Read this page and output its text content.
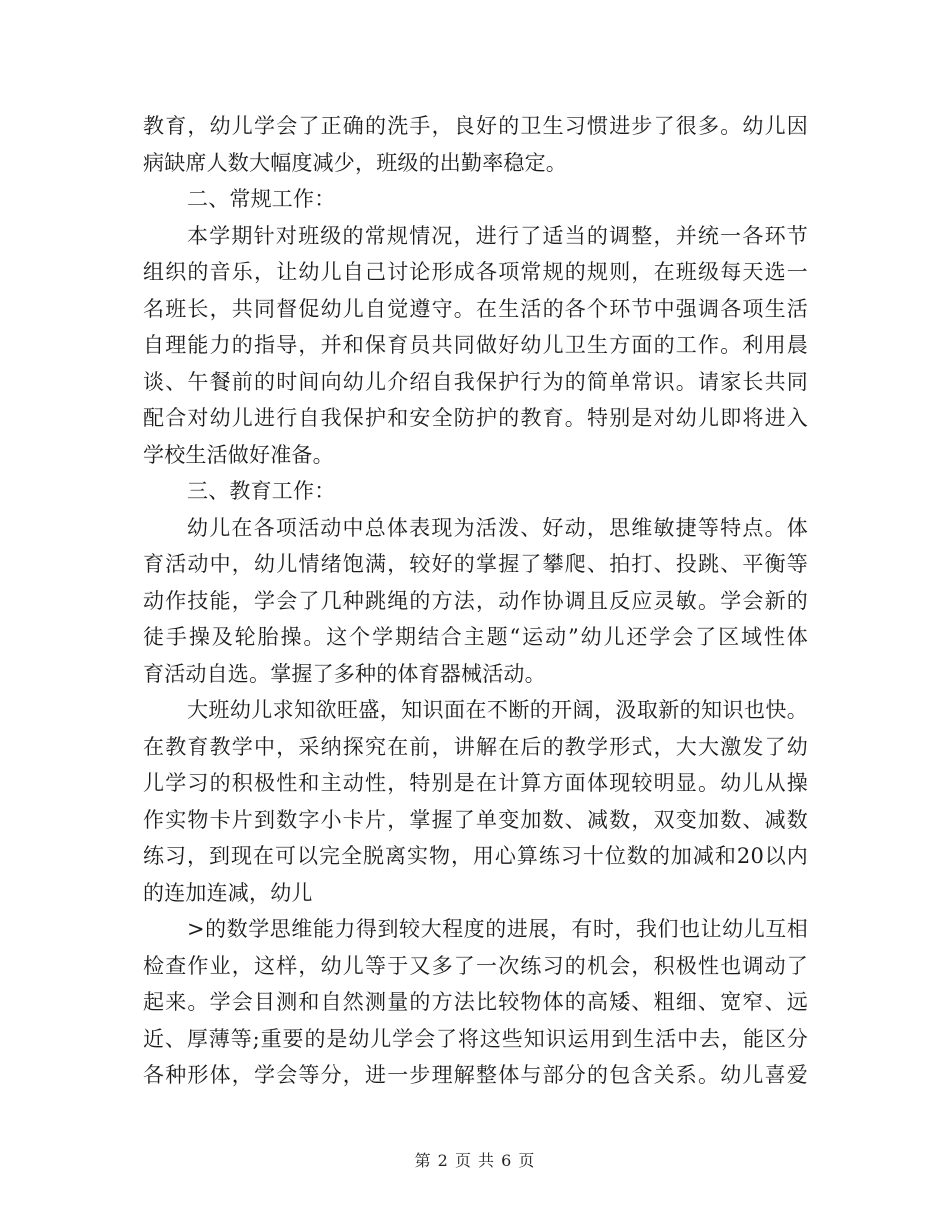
教育，幼儿学会了正确的洗手，良好的卫生习惯进步了很多。幼儿因
病缺席人数大幅度减少，班级的出勤率稳定。
二、常规工作：
本学期针对班级的常规情况，进行了适当的调整，并统一各环节
组织的音乐，让幼儿自己讨论形成各项常规的规则，在班级每天选一
名班长，共同督促幼儿自觉遵守。在生活的各个环节中强调各项生活
自理能力的指导，并和保育员共同做好幼儿卫生方面的工作。利用晨
谈、午餐前的时间向幼儿介绍自我保护行为的简单常识。请家长共同
配合对幼儿进行自我保护和安全防护的教育。特别是对幼儿即将进入
学校生活做好准备。
三、教育工作：
幼儿在各项活动中总体表现为活泼、好动，思维敏捷等特点。体
育活动中，幼儿情绪饱满，较好的掌握了攀爬、拍打、投跳、平衡等
动作技能，学会了几种跳绳的方法，动作协调且反应灵敏。学会新的
徒手操及轮胎操。这个学期结合主题“运动”幼儿还学会了区域性体
育活动自选。掌握了多种的体育器械活动。
大班幼儿求知欲旺盛，知识面在不断的开阔，汲取新的知识也快。
在教育教学中，采纳探究在前，讲解在后的教学形式，大大激发了幼
儿学习的积极性和主动性，特别是在计算方面体现较明显。幼儿从操
作实物卡片到数字小卡片，掌握了单变加数、减数，双变加数、减数
练习，到现在可以完全脱离实物，用心算练习十位数的加减和20以内
的连加连减，幼儿
>的数学思维能力得到较大程度的进展，有时，我们也让幼儿互相
检查作业，这样，幼儿等于又多了一次练习的机会，积极性也调动了
起来。学会目测和自然测量的方法比较物体的高矮、粗细、宽窄、远
近、厚薄等;重要的是幼儿学会了将这些知识运用到生活中去，能区分
各种形体，学会等分，进一步理解整体与部分的包含关系。幼儿喜爱
第 2 页 共 6 页
